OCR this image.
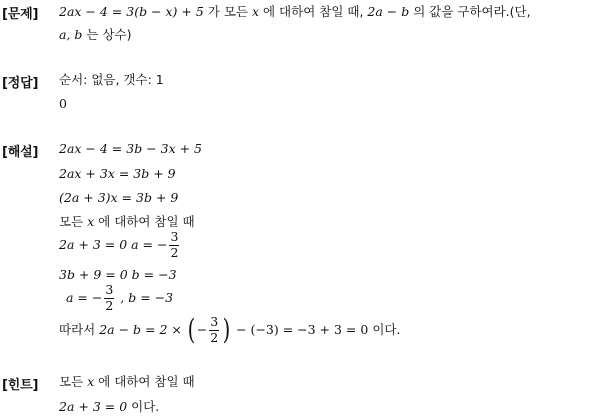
[문제] 2ax − 4 = 3(b − x) + 5 가 모든 x 에 대하여 참일 때, 2a − b 의 값을 구하여라.(단,
a, b 는 상수)
[정답] 순서: 없음, 갯수: 1
0
[해설] 2ax − 4 = 3b − 3x + 5
2ax + 3x = 3b + 9
(2a + 3)x = 3b + 9
모든 x 에 대하여 참일 때
2a + 3 = 0 a = − $\frac{3}{2}$
3b + 9 = 0 b = −3
a = − $\frac{3}{2}$ , b = −3
따라서 2a − b = 2 × ( − $\frac{3}{2}$ ) − (−3) = −3 + 3 = 0 이다.
[힌트] 모든 x 에 대하여 참일 때
2a + 3 = 0 이다.
